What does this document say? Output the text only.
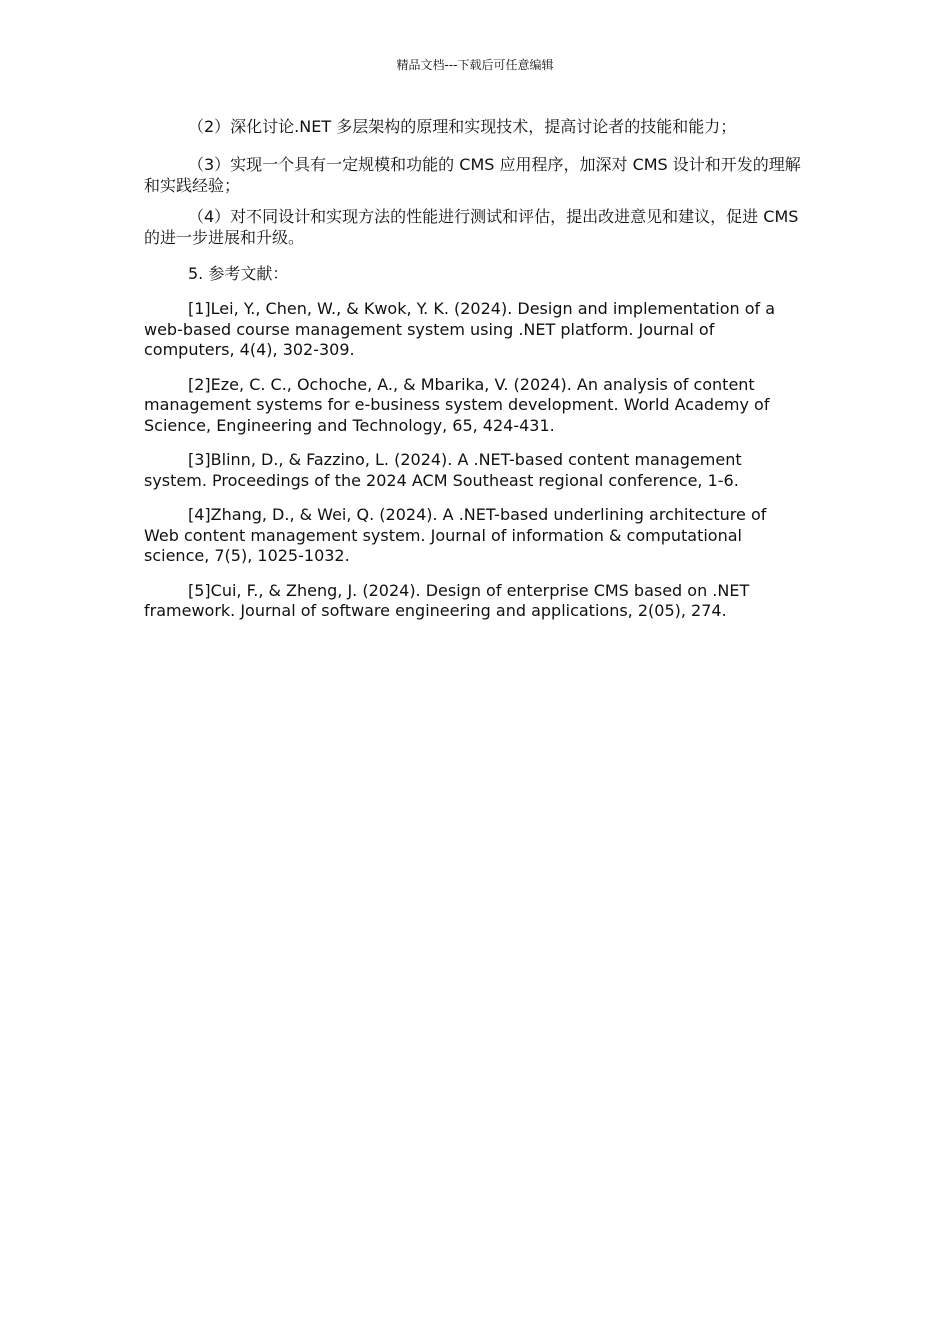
精品文档---下载后可任意编辑

（2）深化讨论.NET 多层架构的原理和实现技术，提高讨论者的技能和能力；

（3）实现一个具有一定规模和功能的 CMS 应用程序，加深对 CMS 设计和开发的理解和实践经验；

（4）对不同设计和实现方法的性能进行测试和评估，提出改进意见和建议，促进 CMS 的进一步进展和升级。

5. 参考文献：

[1]Lei, Y., Chen, W., & Kwok, Y. K. (2024). Design and implementation of a web-based course management system using .NET platform. Journal of computers, 4(4), 302-309.

[2]Eze, C. C., Ochoche, A., & Mbarika, V. (2024). An analysis of content management systems for e-business system development. World Academy of Science, Engineering and Technology, 65, 424-431.

[3]Blinn, D., & Fazzino, L. (2024). A .NET-based content management system. Proceedings of the 2024 ACM Southeast regional conference, 1-6.

[4]Zhang, D., & Wei, Q. (2024). A .NET-based underlining architecture of Web content management system. Journal of information & computational science, 7(5), 1025-1032.

[5]Cui, F., & Zheng, J. (2024). Design of enterprise CMS based on .NET framework. Journal of software engineering and applications, 2(05), 274.
